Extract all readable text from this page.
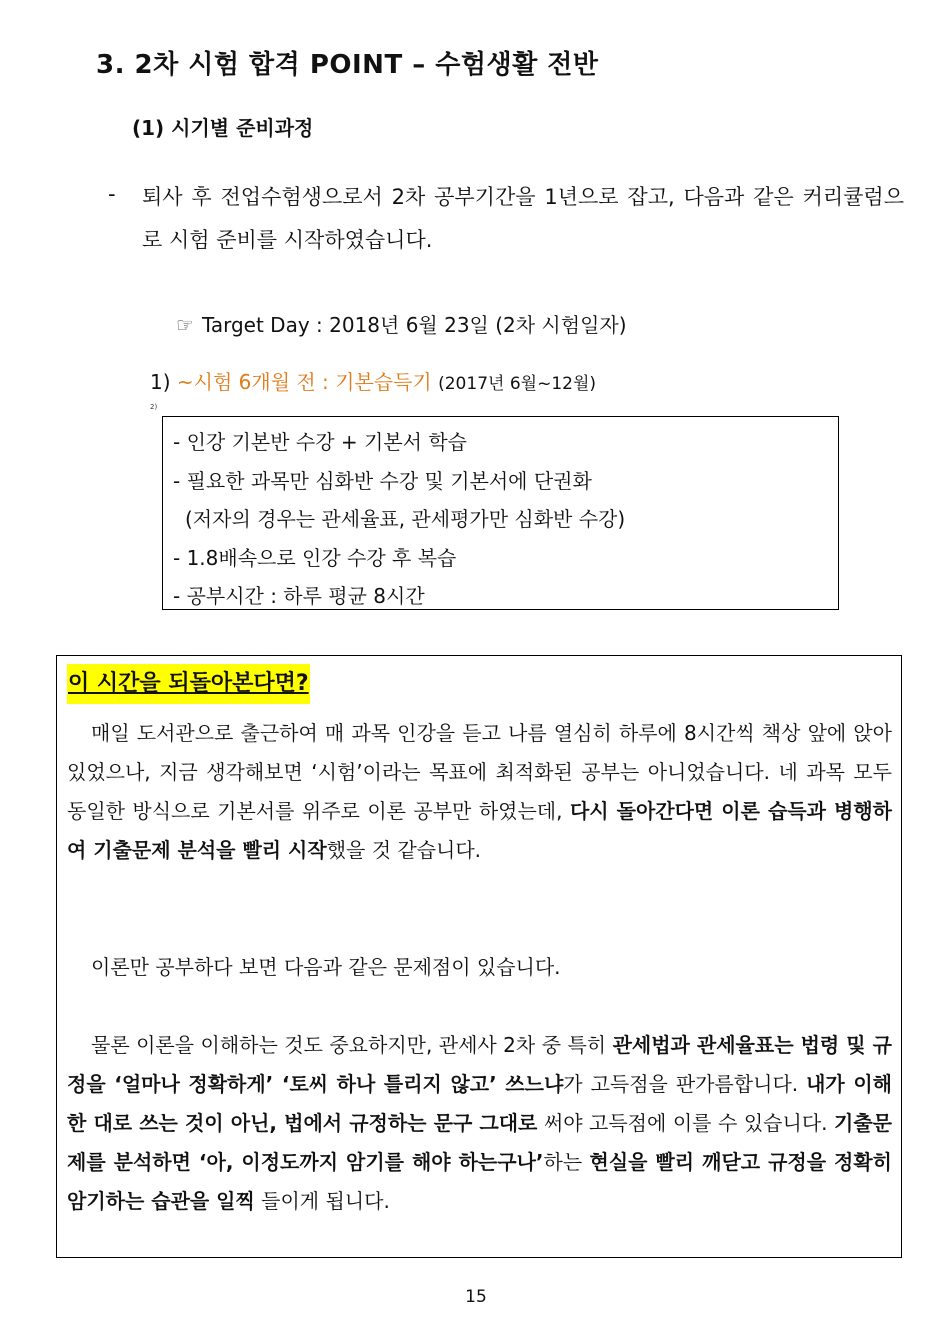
3. 2차 시험 합격 POINT – 수험생활 전반
(1) 시기별 준비과정
- 퇴사 후 전업수험생으로서 2차 공부기간을 1년으로 잡고, 다음과 같은 커리큘럼으로 시험 준비를 시작하였습니다.
☞ Target Day : 2018년 6월 23일 (2차 시험일자)
1) ~시험 6개월 전 : 기본습득기 (2017년 6월~12월)
2)
- 인강 기본반 수강 + 기본서 학습
- 필요한 과목만 심화반 수강 및 기본서에 단권화
(저자의 경우는 관세율표, 관세평가만 심화반 수강)
- 1.8배속으로 인강 수강 후 복습
- 공부시간 : 하루 평균 8시간
이 시간을 되돌아본다면?
매일 도서관으로 출근하여 매 과목 인강을 듣고 나름 열심히 하루에 8시간씩 책상 앞에 앉아있었으나, 지금 생각해보면 ‘시험’이라는 목표에 최적화된 공부는 아니었습니다. 네 과목 모두 동일한 방식으로 기본서를 위주로 이론 공부만 하였는데, 다시 돌아간다면 이론 습득과 병행하여 기출문제 분석을 빨리 시작했을 것 같습니다.
이론만 공부하다 보면 다음과 같은 문제점이 있습니다.
물론 이론을 이해하는 것도 중요하지만, 관세사 2차 중 특히 관세법과 관세율표는 법령 및 규정을 ‘얼마나 정확하게’ ‘토씨 하나 틀리지 않고’ 쓰느냐가 고득점을 판가름합니다. 내가 이해한 대로 쓰는 것이 아닌, 법에서 규정하는 문구 그대로 써야 고득점에 이를 수 있습니다. 기출문제를 분석하면 ‘아, 이정도까지 암기를 해야 하는구나’하는 현실을 빨리 깨닫고 규정을 정확히 암기하는 습관을 일찍 들이게 됩니다.
15
